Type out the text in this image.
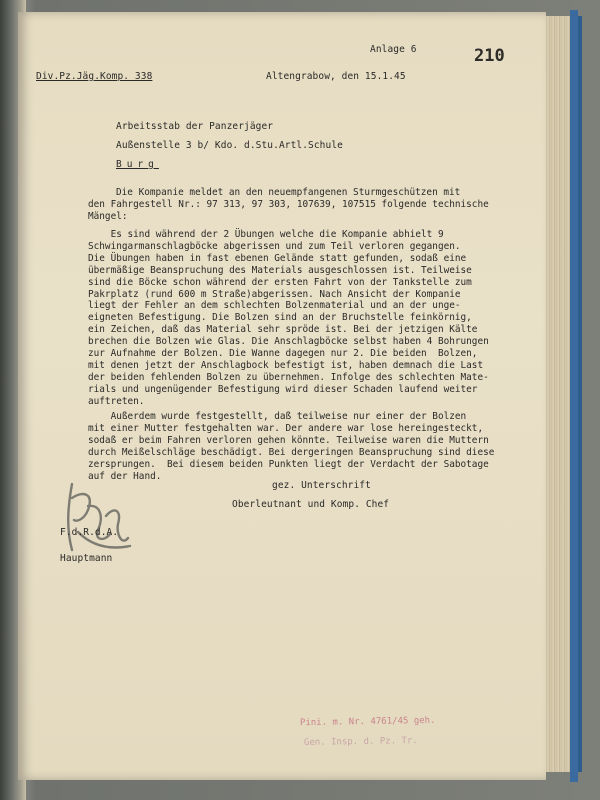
Anlage 6	210
Div.Pz.Jäg.Komp. 338	Altengrabow, den 15.1.45
Arbeitsstab der Panzerjäger
Außenstelle 3 b/ Kdo. d.Stu.Artl.Schule
Burg

Die Kompanie meldet an den neuempfangenen Sturmgeschützen mit

den Fahrgestell Nr.: 97 313, 97 303, 107639, 107515 folgende technische

Mängel:

Es sind während der 2 Übungen welche die Kompanie abhielt 9

Schwingarmanschlagböcke abgerissen und zum Teil verloren gegangen.

Die Übungen haben in fast ebenen Gelände statt gefunden, sodaß eine

übermäßige Beanspruchung des Materials ausgeschlossen ist. Teilweise

sind die Böcke schon während der ersten Fahrt von der Tankstelle zum

Pakrplatz (rund 600 m Straße)abgerissen. Nach Ansicht der Kompanie

liegt der Fehler an dem schlechten Bolzenmaterial und an der unge-

eigneten Befestigung. Die Bolzen sind an der Bruchstelle feinkörnig,

ein Zeichen, daß das Material sehr spröde ist. Bei der jetzigen Kälte

brechen die Bolzen wie Glas. Die Anschlagböcke selbst haben 4 Bohrungen

zur Aufnahme der Bolzen. Die Wanne dagegen nur 2. Die beiden  Bolzen,

mit denen jetzt der Anschlagbock befestigt ist, haben demnach die Last

der beiden fehlenden Bolzen zu übernehmen. Infolge des schlechten Mate-

rials und ungenügender Befestigung wird dieser Schaden laufend weiter

auftreten.

Außerdem wurde festgestellt, daß teilweise nur einer der Bolzen

mit einer Mutter festgehalten war. Der andere war lose hereingesteckt,

sodaß er beim Fahren verloren gehen könnte. Teilweise waren die Muttern

durch Meißelschläge beschädigt. Bei dergeringen Beanspruchung sind diese

zersprungen.  Bei diesem beiden Punkten liegt der Verdacht der Sabotage

auf der Hand.

gez. Unterschrift
Oberleutnant und Komp. Chef
F.d.R.d.A.
Hauptmann
Pini. m. Nr. 4761/45 geh.
Gen. Insp. d. Pz. Tr.
